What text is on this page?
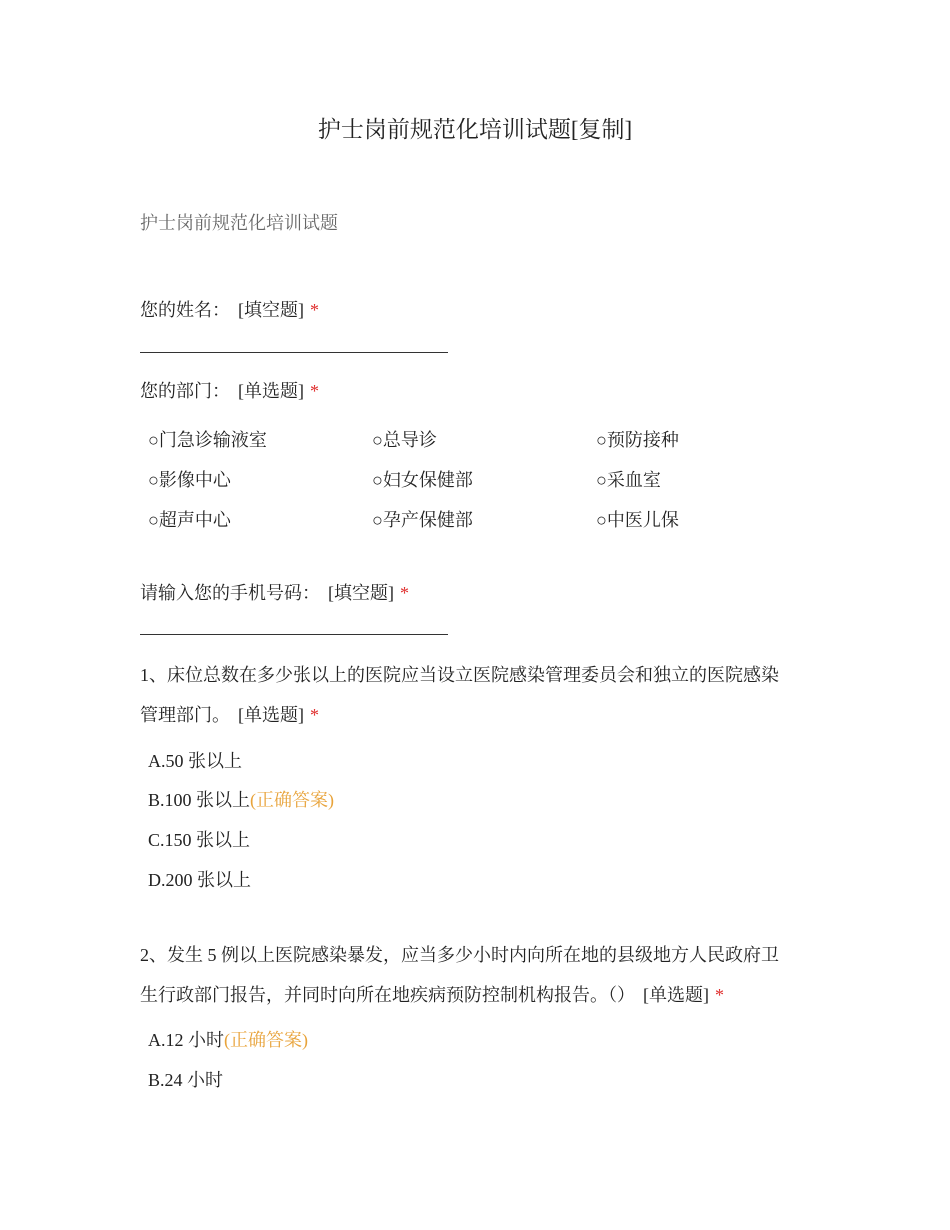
护士岗前规范化培训试题[复制]
护士岗前规范化培训试题
您的姓名： [填空题] *
您的部门： [单选题] *
○门急诊输液室	○总导诊	○预防接种
○影像中心	○妇女保健部	○采血室
○超声中心	○孕产保健部	○中医儿保
请输入您的手机号码： [填空题] *
1、床位总数在多少张以上的医院应当设立医院感染管理委员会和独立的医院感染
管理部门。 [单选题] *
A.50 张以上
B.100 张以上(正确答案)
C.150 张以上
D.200 张以上
2、发生 5 例以上医院感染暴发，应当多少小时内向所在地的县级地方人民政府卫
生行政部门报告，并同时向所在地疾病预防控制机构报告。（） [单选题] *
A.12 小时(正确答案)
B.24 小时
